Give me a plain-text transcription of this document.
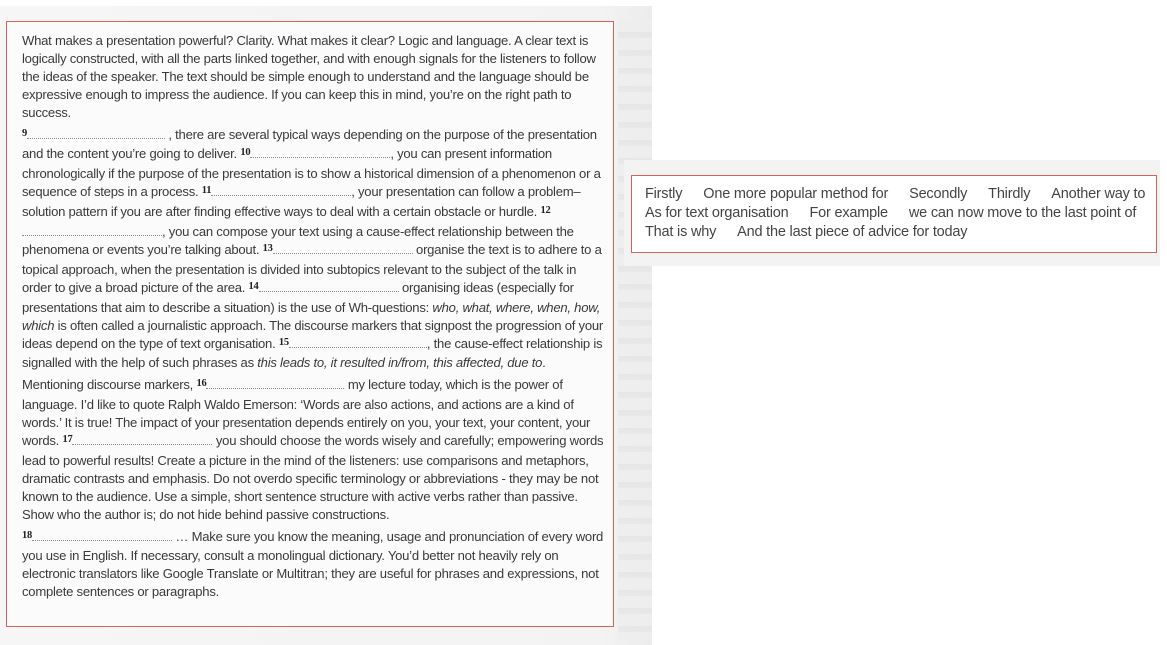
What makes a presentation powerful? Clarity. What makes it clear? Logic and language. A clear text is logically constructed, with all the parts linked together, and with enough signals for the listeners to follow the ideas of the speaker. The text should be simple enough to understand and the language should be expressive enough to impress the audience. If you can keep this in mind, you’re on the right path to success.

$^9$	, there are several typical ways depending on the purpose of the presentation and the content you’re going to deliver. $^{10}$	, you can present information chronologically if the purpose of the presentation is to show a historical dimension of a phenomenon or a sequence of steps in a process. $^{11}$	, your presentation can follow a problem–solution pattern if you are after finding effective ways to deal with a certain obstacle or hurdle. $^{12}$, you can compose your text using a cause-effect relationship between the phenomena or events you’re talking about. $^{13}$	organise the text is to adhere to a topical approach, when the presentation is divided into subtopics relevant to the subject of the talk in order to give a broad picture of the area. $^{14}$	organising ideas (especially for presentations that aim to describe a situation) is the use of Wh-questions: who, what, where, when, how, which is often called a journalistic approach. The discourse markers that signpost the progression of your ideas depend on the type of text organisation. $^{15}$	, the cause-effect relationship is signalled with the help of such phrases as this leads to, it resulted in/from, this affected, due to.

Mentioning discourse markers, $^{16}$	my lecture today, which is the power of language. I’d like to quote Ralph Waldo Emerson: ‘Words are also actions, and actions are a kind of words.’ It is true! The impact of your presentation depends entirely on you, your text, your content, your words. $^{17}$	you should choose the words wisely and carefully; empowering words lead to powerful results! Create a picture in the mind of the listeners: use comparisons and metaphors, dramatic contrasts and emphasis. Do not overdo specific terminology or abbreviations - they may be not known to the audience. Use a simple, short sentence structure with active verbs rather than passive. Show who the author is; do not hide behind passive constructions.

$^{18}$	… Make sure you know the meaning, usage and pronunciation of every word you use in English. If necessary, consult a monolingual dictionary. You’d better not heavily rely on electronic translators like Google Translate or Multitran; they are useful for phrases and expressions, not complete sentences or paragraphs.

Firstly One more popular method for Secondly Thirdly Another way to As for text organisation For example we can now move to the last point of That is why And the last piece of advice for today
